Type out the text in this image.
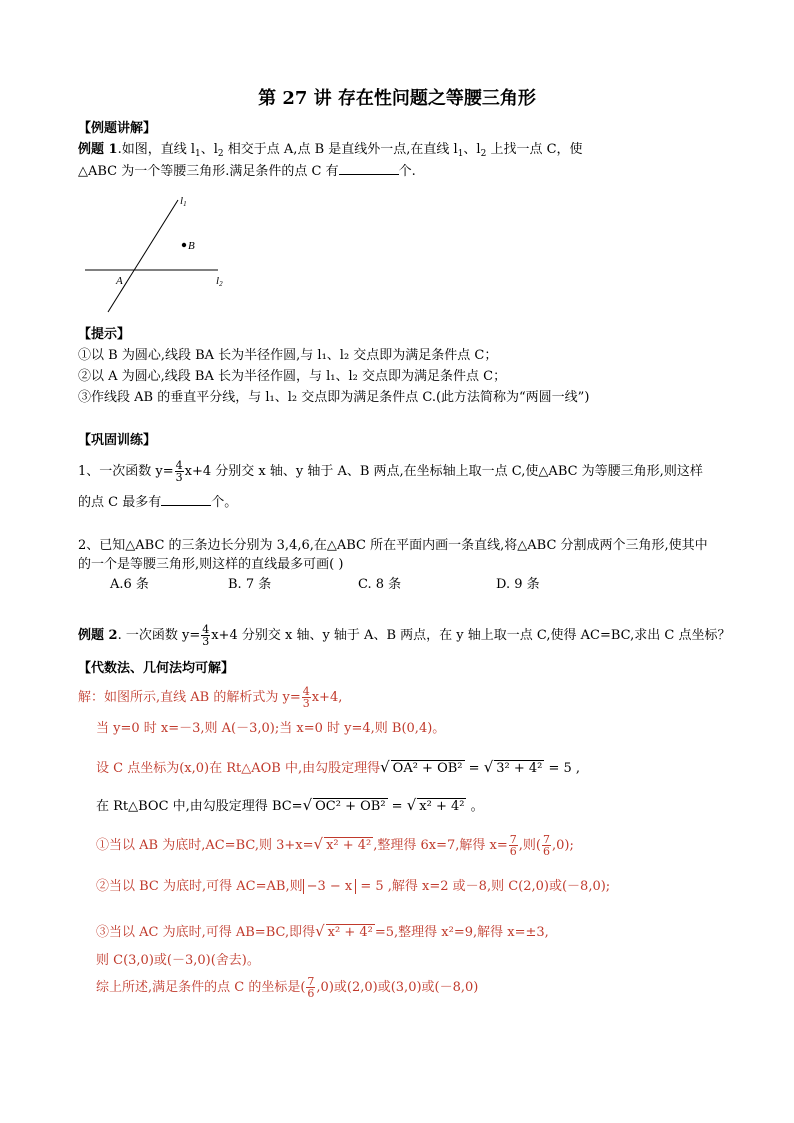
第 27 讲 存在性问题之等腰三角形
【例题讲解】
例题 1.如图，直线 $l_1$、$l_2$ 相交于点 A,点 B 是直线外一点,在直线 $l_1$、$l_2$ 上找一点 C，使
△ABC 为一个等腰三角形.满足条件的点 C 有	个.
l1
B
A	l2
【提示】
①以 B 为圆心,线段 BA 长为半径作圆,与 l₁、l₂ 交点即为满足条件点 C；
②以 A 为圆心,线段 BA 长为半径作圆，与 l₁、l₂ 交点即为满足条件点 C；
③作线段 AB 的垂直平分线，与 l₁、l₂ 交点即为满足条件点 C.(此方法简称为“两圆一线”)
【巩固训练】
1、一次函数 $y= \frac{4}{3} x+4$ 分别交 x 轴、y 轴于 A、B 两点,在坐标轴上取一点 C,使△ABC 为等腰三角形,则这样
的点 C 最多有	个。
2、已知△ABC 的三条边长分别为 3,4,6,在△ABC 所在平面内画一条直线,将△ABC 分割成两个三角形,使其中
的一个是等腰三角形,则这样的直线最多可画( )
A.6 条	B. 7 条	C. 8 条	D. 9 条
例题 2. 一次函数 $y= \frac{4}{3} x+4$ 分别交 x 轴、y 轴于 A、B 两点，在 y 轴上取一点 C,使得 AC=BC,求出 C 点坐标？
【代数法、几何法均可解】
解：如图所示,直线 AB 的解析式为 $y= \frac{4}{3} x+4$,
当 y=0 时 x=－3,则 A(－3,0);当 x=0 时 y=4,则 B(0,4)。
设 C 点坐标为(x,0)在 Rt△AOB 中,由勾股定理得√ OA² + OB² = √ 3² + 4² = 5 ,
在 Rt△BOC 中,由勾股定理得 BC=√ OC² + OB² = √ x² + 4² 。
①当以 AB 为底时,AC=BC,则 3+x=√ x² + 4² ,整理得 6x=7,解得 $x= \frac{7}{6}$ ,则( $\frac{7}{6} ,0$);
②当以 BC 为底时,可得 AC=AB,则 −3 − x = 5 ,解得 x=2 或－8,则 C(2,0)或(－8,0);
③当以 AC 为底时,可得 AB=BC,即得√ x² + 4² =5,整理得 x²=9,解得 x=±3,
则 C(3,0)或(－3,0)(舍去)。
综上所述,满足条件的点 C 的坐标是( $\frac{7}{6} ,0$)或(2,0)或(3,0)或(－8,0)
